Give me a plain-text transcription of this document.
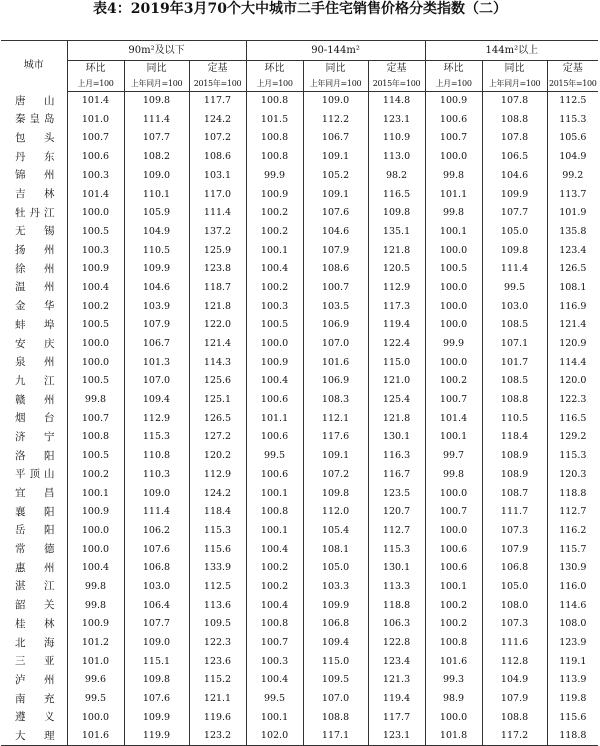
表4：2019年3月70个大中城市二手住宅销售价格分类指数（二）
城市	90m²及以下			90-144m²			144m²以上		
	环比	同比	定基	环比	同比	定基	环比	同比	定基
	上月=100	上年同月=100	2015年=100	上月=100	上年同月=100	2015年=100	上月=100	上年同月=100	2015年=100
唐山	101.4	109.8	117.7	100.8	109.0	114.8	100.9	107.8	112.5
秦皇岛	101.0	111.4	124.2	101.5	112.2	123.1	100.6	108.8	115.3
包头	100.7	107.7	107.2	100.8	106.7	110.9	100.7	107.8	105.6
丹东	100.6	108.2	108.6	100.8	109.1	113.0	100.0	106.5	104.9
锦州	100.3	109.0	103.1	99.9	105.2	98.2	99.8	104.6	99.2
吉林	101.4	110.1	117.0	100.9	109.1	116.5	101.1	109.9	113.7
牡丹江	100.0	105.9	111.4	100.2	107.6	109.8	99.8	107.7	101.9
无锡	100.5	104.9	137.2	100.2	104.6	135.1	100.1	105.0	135.8
扬州	100.3	110.5	125.9	100.1	107.9	121.8	100.0	109.8	123.4
徐州	100.9	109.9	123.8	100.4	108.6	120.5	100.5	111.4	126.5
温州	100.4	104.6	118.7	100.2	100.7	112.9	100.0	99.5	108.1
金华	100.2	103.9	121.8	100.3	103.5	117.3	100.0	103.0	116.9
蚌埠	100.5	107.9	122.0	100.5	106.9	119.4	100.0	108.5	121.4
安庆	100.0	106.7	121.4	100.0	107.0	122.4	99.9	107.1	120.9
泉州	100.0	101.3	114.3	100.9	101.6	115.0	100.0	101.7	114.4
九江	100.5	107.0	125.6	100.4	106.9	121.0	100.2	108.5	120.0
赣州	99.8	109.4	125.1	100.6	108.3	125.4	100.7	108.8	122.3
烟台	100.7	112.9	126.5	101.1	112.1	121.8	101.4	110.5	116.5
济宁	100.8	115.3	127.2	100.6	117.6	130.1	100.1	118.4	129.2
洛阳	100.5	110.8	120.2	99.5	109.1	116.3	99.7	108.9	115.3
平顶山	100.2	110.3	112.9	100.6	107.2	116.7	99.8	108.9	120.3
宜昌	100.1	109.0	124.2	100.1	109.8	123.5	100.0	108.7	118.8
襄阳	100.9	111.4	118.4	100.8	112.0	120.7	100.7	111.7	112.7
岳阳	100.0	106.2	115.3	100.1	105.4	112.7	100.0	107.3	116.2
常德	100.0	107.6	115.6	100.4	108.1	115.3	100.6	107.9	115.7
惠州	100.4	106.8	133.9	100.2	105.0	130.1	100.6	106.8	130.9
湛江	99.8	103.0	112.5	100.2	103.3	113.3	100.1	105.0	116.0
韶关	99.8	106.4	113.6	100.4	109.9	118.8	100.2	108.0	114.6
桂林	100.9	107.7	109.5	100.8	106.8	106.3	100.2	107.3	108.0
北海	101.2	109.0	122.3	100.7	109.4	122.8	100.8	111.6	123.9
三亚	101.0	115.1	123.6	100.3	115.0	123.4	101.6	112.8	119.1
泸州	99.6	109.8	115.2	100.4	109.5	121.3	99.3	104.9	113.9
南充	99.5	107.6	121.1	99.5	107.0	119.4	98.9	107.9	119.8
遵义	100.0	109.9	119.6	100.1	108.8	117.7	100.0	108.8	115.6
大理	101.6	119.9	123.2	102.0	117.1	123.1	101.8	117.2	118.8
